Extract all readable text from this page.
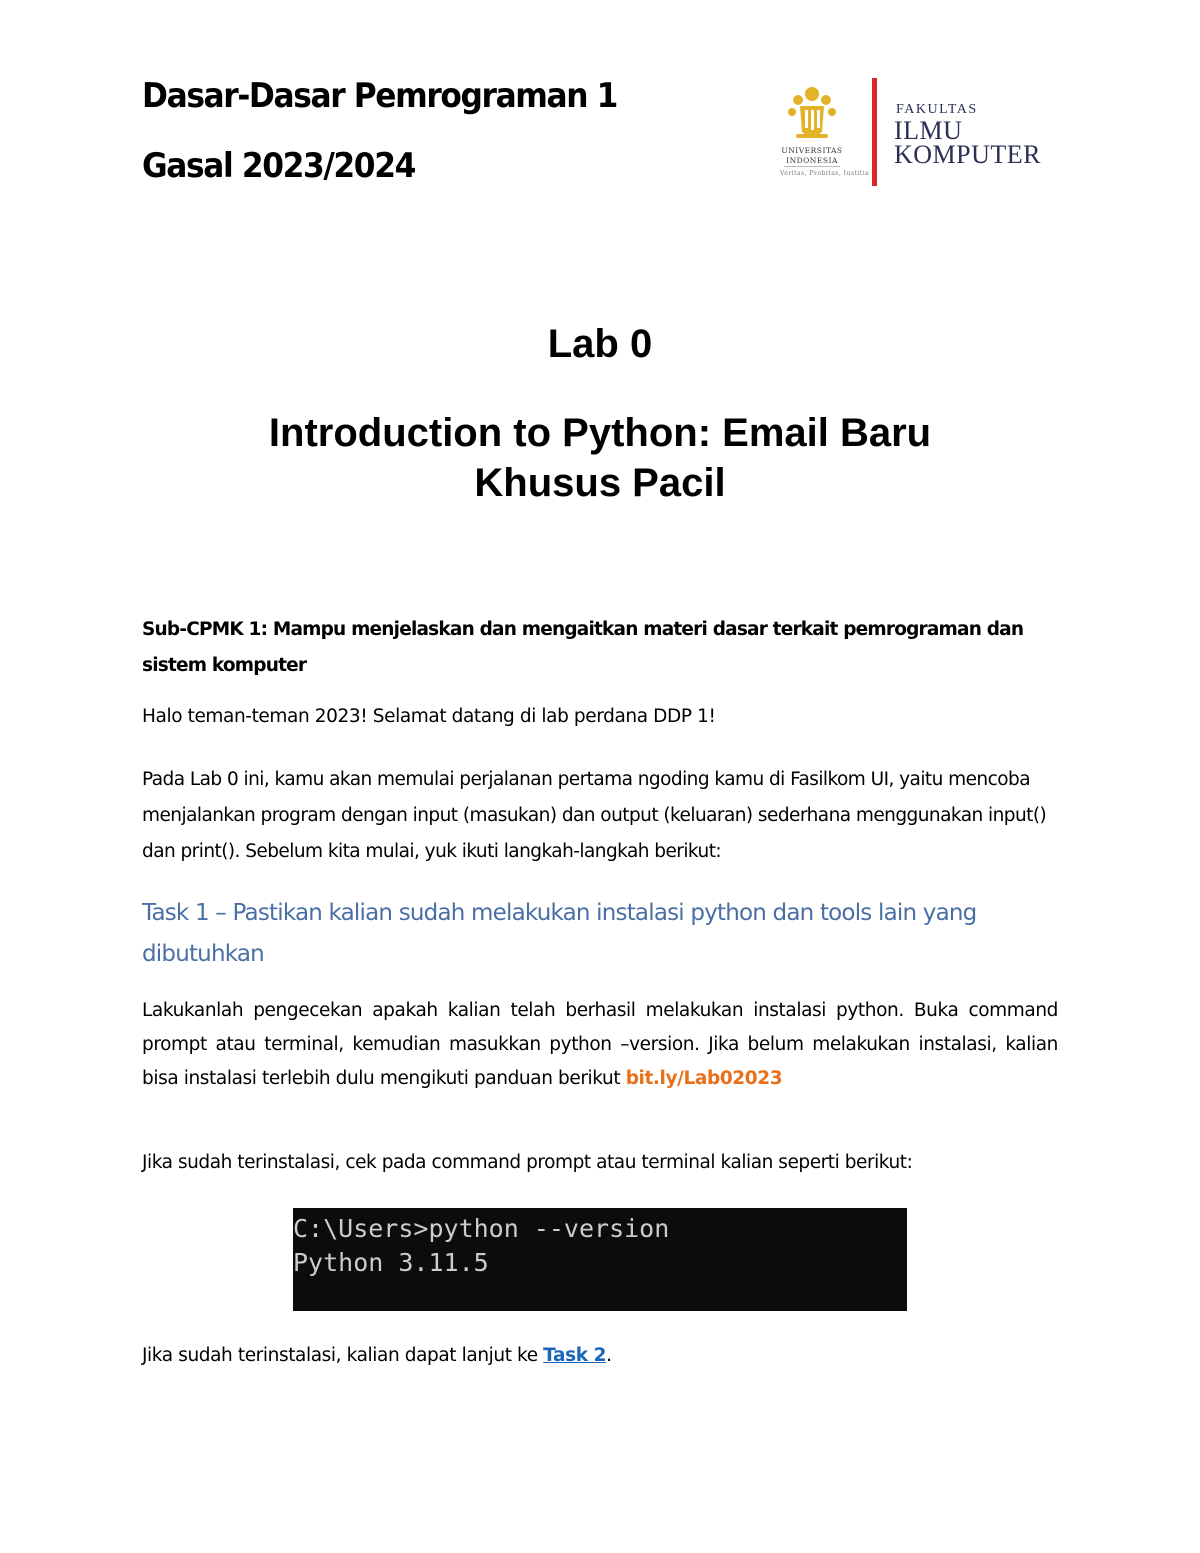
Dasar-Dasar Pemrograman 1
Gasal 2023/2024	UNIVERSITAS
INDONESIA
Veritas, Probitas, Iustitia
FAKULTAS
ILMU
KOMPUTER
Lab 0
Introduction to Python: Email Baru
Khusus Pacil
Sub-CPMK 1: Mampu menjelaskan dan mengaitkan materi dasar terkait pemrograman dan sistem komputer
Halo teman-teman 2023! Selamat datang di lab perdana DDP 1!
Pada Lab 0 ini, kamu akan memulai perjalanan pertama ngoding kamu di Fasilkom UI, yaitu mencoba menjalankan program dengan input (masukan) dan output (keluaran) sederhana menggunakan input() dan print(). Sebelum kita mulai, yuk ikuti langkah-langkah berikut:
Task 1 – Pastikan kalian sudah melakukan instalasi python dan tools lain yang dibutuhkan
Lakukanlah pengecekan apakah kalian telah berhasil melakukan instalasi python. Buka command prompt atau terminal, kemudian masukkan python –version. Jika belum melakukan instalasi, kalian bisa instalasi terlebih dulu mengikuti panduan berikut bit.ly/Lab02023
Jika sudah terinstalasi, cek pada command prompt atau terminal kalian seperti berikut:
C:\Users>python --version
Python 3.11.5
Jika sudah terinstalasi, kalian dapat lanjut ke Task 2.
